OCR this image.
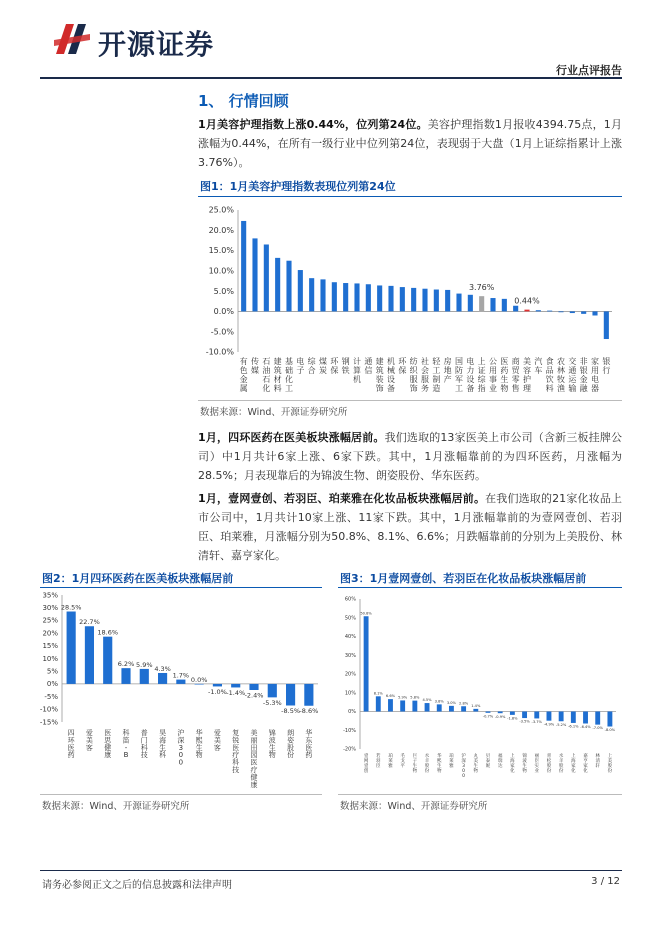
开源证券
行业点评报告
1、 行情回顾
1月美容护理指数上涨0.44%，位列第24位。美容护理指数1月报收4394.75点，1月涨幅为0.44%，在所有一级行业中位列第24位，表现弱于大盘（1月上证综指累计上涨3.76%）。
图1：1月美容护理指数表现位列第24位
-10.0%
-5.0%
0.0%
5.0%
10.0%
15.0%
20.0%
25.0%
有色金属
传媒
石油石化
建筑材料
基础化工
电子
综合
煤炭
环保
钢铁
计算机
通信
建筑装饰
机械设备
环保
纺织服饰
社会服务
轻工制造
房地产
国防军工
电力设备
上证综指
公用事业
医药生物
商贸零售
美容护理
汽车
食品饮料
农林牧渔
交通运输
非银金融
家用电器
银行
3.76%
0.44%
数据来源：Wind、开源证券研究所
1月，四环医药在医美板块涨幅居前。我们选取的13家医美上市公司（含新三板挂牌公司）中1月共计6家上涨、6家下跌。其中，1月涨幅靠前的为四环医药，月涨幅为28.5%；月表现靠后的为锦波生物、朗姿股份、华东医药。
1月，壹网壹创、若羽臣、珀莱雅在化妆品板块涨幅居前。在我们选取的21家化妆品上市公司中，1月共计10家上涨、11家下跌。其中，1月涨幅靠前的为壹网壹创、若羽臣、珀莱雅，月涨幅分别为50.8%、8.1%、6.6%；月跌幅靠前的分别为上美股份、林清轩、嘉亨家化。
图2：1月四环医药在医美板块涨幅居前
-15%
-10%
-5%
0%
5%
10%
15%
20%
25%
30%
35%
28.5%
四环医药
22.7%
爱美客
18.6%
医思健康
6.2%
科笛-B
5.9%
普门科技
4.3%
昊海生科
1.7%
沪深 3 0 0
0.0%
华熙生物
-1.0%
爱美客
-1.4%
复锐医疗科技
-2.4%
美丽田园医疗健康
-5.3%
锦波生物
-8.5%
朗姿股份
-8.6%
华东医药
数据来源：Wind、开源证券研究所
图3：1月壹网壹创、若羽臣在化妆品板块涨幅居前
-20%
-10%
0%
10%
20%
30%
40%
50%
60%
50.8%
壹网壹创
8.1%
若羽臣
6.6%
珀莱雅
5.9%
毛戈平
5.8%
巨子生物
4.5%
水羊股份
3.8%
华熙生物
3.0%
珀莱雅
2.8%
沪深 3 0 0
1.4%
丸美生物
-0.7%
贝泰妮
-0.9%
福瑞达
-1.8%
上海家化
-3.5%
锦波生物
-3.7%
丽臣实业
-4.9%
青松股份
-5.2%
水羊股份
-6.1%
上海家化
-6.4%
嘉亨家化
-7.0%
林清轩
-8.0%
上美股份
数据来源：Wind、开源证券研究所
请务必参阅正文之后的信息披露和法律声明	3 / 12
